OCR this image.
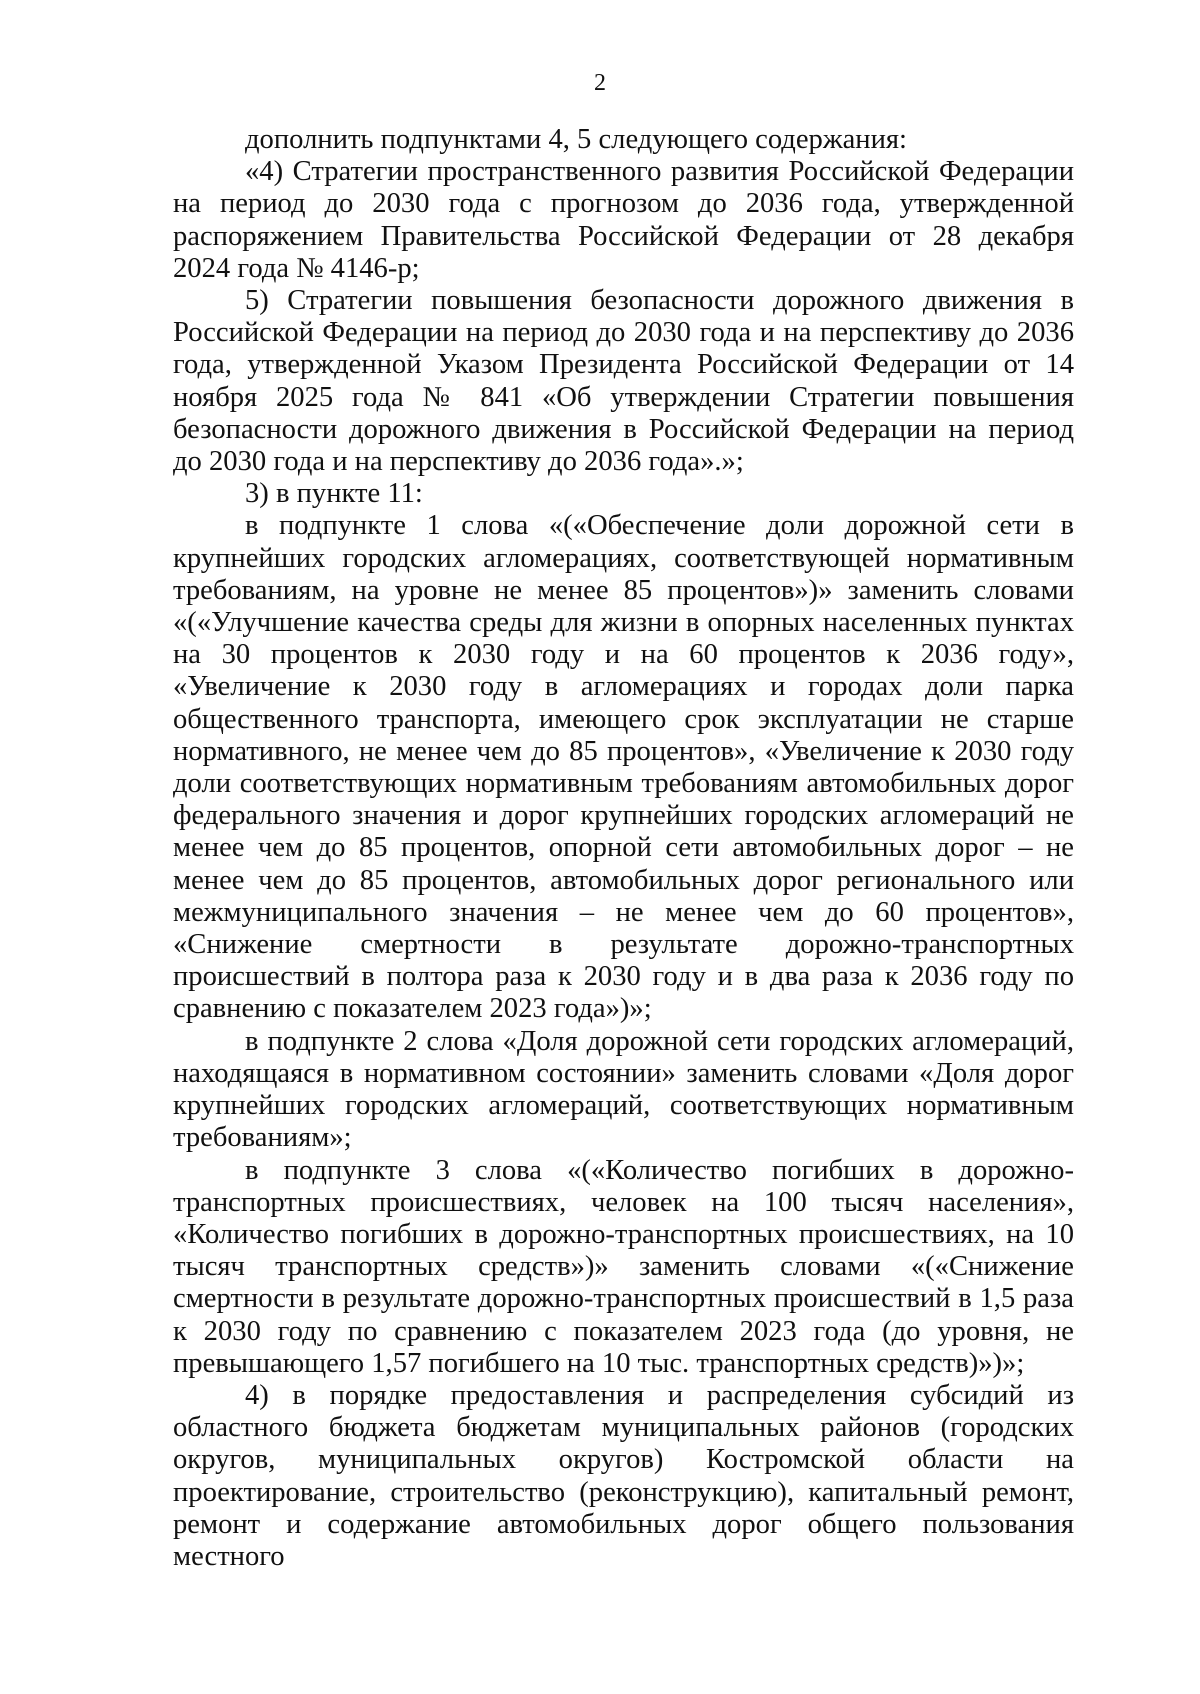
2

дополнить подпунктами 4, 5 следующего содержания:

«4) Стратегии пространственного развития Российской Федерации на период до 2030 года с прогнозом до 2036 года, утвержденной распоряжением Правительства Российской Федерации от 28 декабря 2024 года № 4146-р;

5) Стратегии повышения безопасности дорожного движения в Российской Федерации на период до 2030 года и на перспективу до 2036 года, утвержденной Указом Президента Российской Федерации от 14 ноября 2025 года № 841 «Об утверждении Стратегии повышения безопасности дорожного движения в Российской Федерации на период до 2030 года и на перспективу до 2036 года».»;

3) в пункте 11:

в подпункте 1 слова «(«Обеспечение доли дорожной сети в крупнейших городских агломерациях, соответствующей нормативным требованиям, на уровне не менее 85 процентов»)» заменить словами «(«Улучшение качества среды для жизни в опорных населенных пунктах на 30 процентов к 2030 году и на 60 процентов к 2036 году», «Увеличение к 2030 году в агломерациях и городах доли парка общественного транспорта, имеющего срок эксплуатации не старше нормативного, не менее чем до 85 процентов», «Увеличение к 2030 году доли соответствующих нормативным требованиям автомобильных дорог федерального значения и дорог крупнейших городских агломераций не менее чем до 85 процентов, опорной сети автомобильных дорог – не менее чем до 85 процентов, автомобильных дорог регионального или межмуниципального значения – не менее чем до 60 процентов», «Снижение смертности в результате дорожно-транспортных происшествий в полтора раза к 2030 году и в два раза к 2036 году по сравнению с показателем 2023 года»)»;

в подпункте 2 слова «Доля дорожной сети городских агломераций, находящаяся в нормативном состоянии» заменить словами «Доля дорог крупнейших городских агломераций, соответствующих нормативным требованиям»;

в подпункте 3 слова «(«Количество погибших в дорожно-транспортных происшествиях, человек на 100 тысяч населения», «Количество погибших в дорожно-транспортных происшествиях, на 10 тысяч транспортных средств»)» заменить словами «(«Снижение смертности в результате дорожно-транспортных происшествий в 1,5 раза к 2030 году по сравнению с показателем 2023 года (до уровня, не превышающего 1,57 погибшего на 10 тыс. транспортных средств)»)»;

4) в порядке предоставления и распределения субсидий из областного бюджета бюджетам муниципальных районов (городских округов, муниципальных округов) Костромской области на проектирование, строительство (реконструкцию), капитальный ремонт, ремонт и содержание автомобильных дорог общего пользования местного
